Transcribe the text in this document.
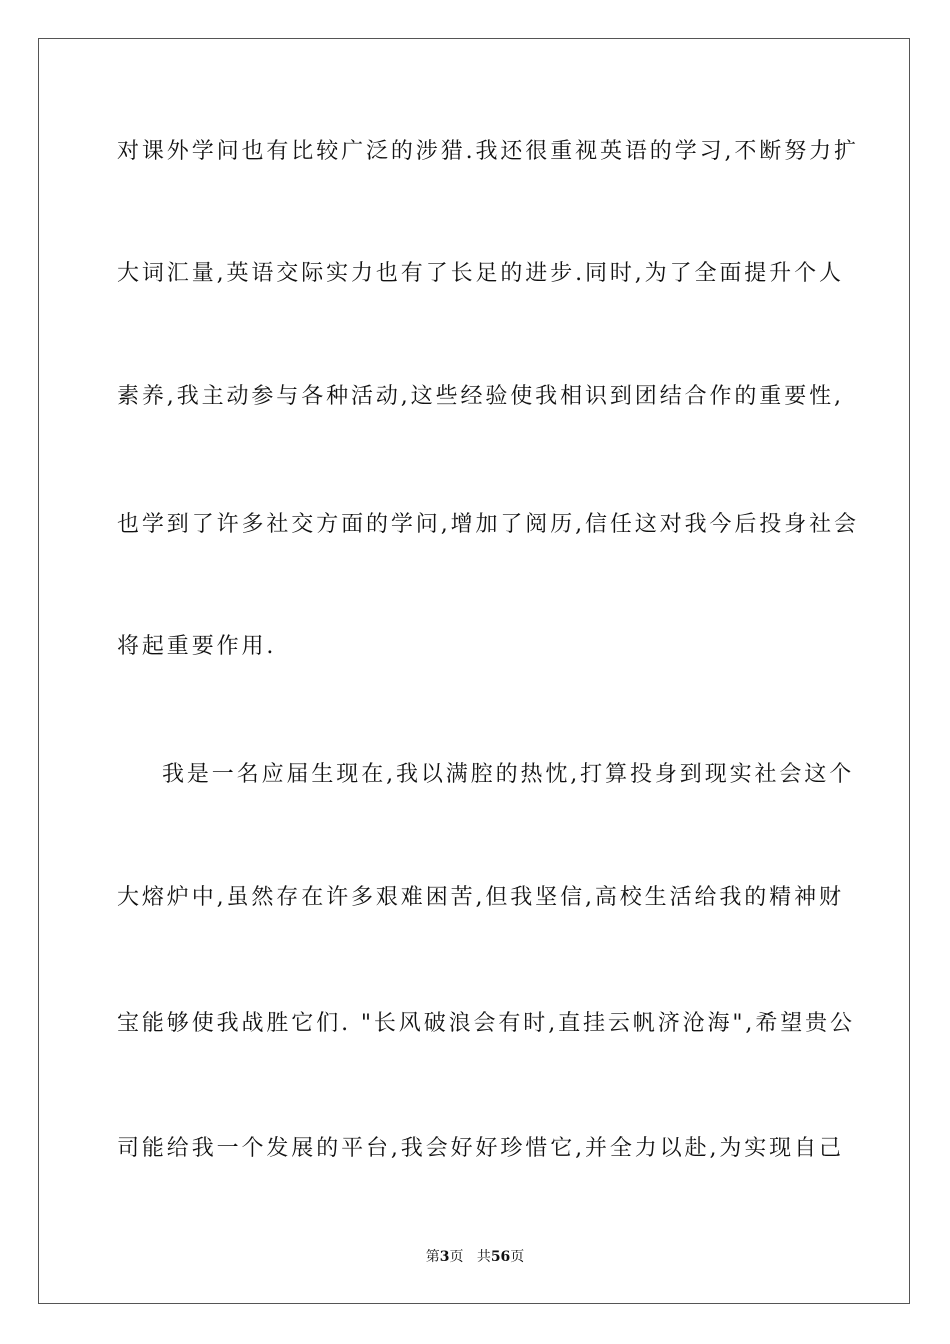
对课外学问也有比较广泛的涉猎.我还很重视英语的学习,不断努力扩
大词汇量,英语交际实力也有了长足的进步.同时,为了全面提升个人
素养,我主动参与各种活动,这些经验使我相识到团结合作的重要性,
也学到了许多社交方面的学问,增加了阅历,信任这对我今后投身社会
将起重要作用.
我是一名应届生现在,我以满腔的热忱,打算投身到现实社会这个
大熔炉中,虽然存在许多艰难困苦,但我坚信,高校生活给我的精神财
宝能够使我战胜它们. "长风破浪会有时,直挂云帆济沧海",希望贵公
司能给我一个发展的平台,我会好好珍惜它,并全力以赴,为实现自己
第3页 共56页
